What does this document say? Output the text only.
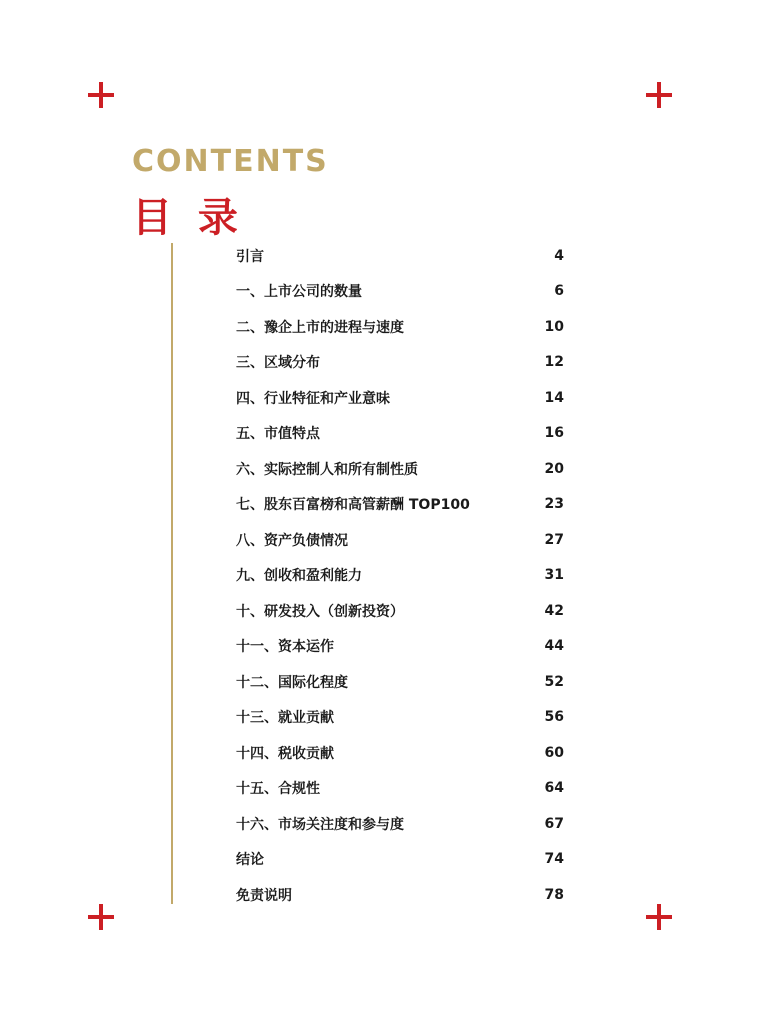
CONTENTS
目 录
引言	4
一、上市公司的数量	6
二、豫企上市的进程与速度	10
三、区域分布	12
四、行业特征和产业意味	14
五、市值特点	16
六、实际控制人和所有制性质	20
七、股东百富榜和高管薪酬 TOP100	23
八、资产负债情况	27
九、创收和盈利能力	31
十、研发投入（创新投资）	42
十一、资本运作	44
十二、国际化程度	52
十三、就业贡献	56
十四、税收贡献	60
十五、合规性	64
十六、市场关注度和参与度	67
结论	74
免责说明	78
